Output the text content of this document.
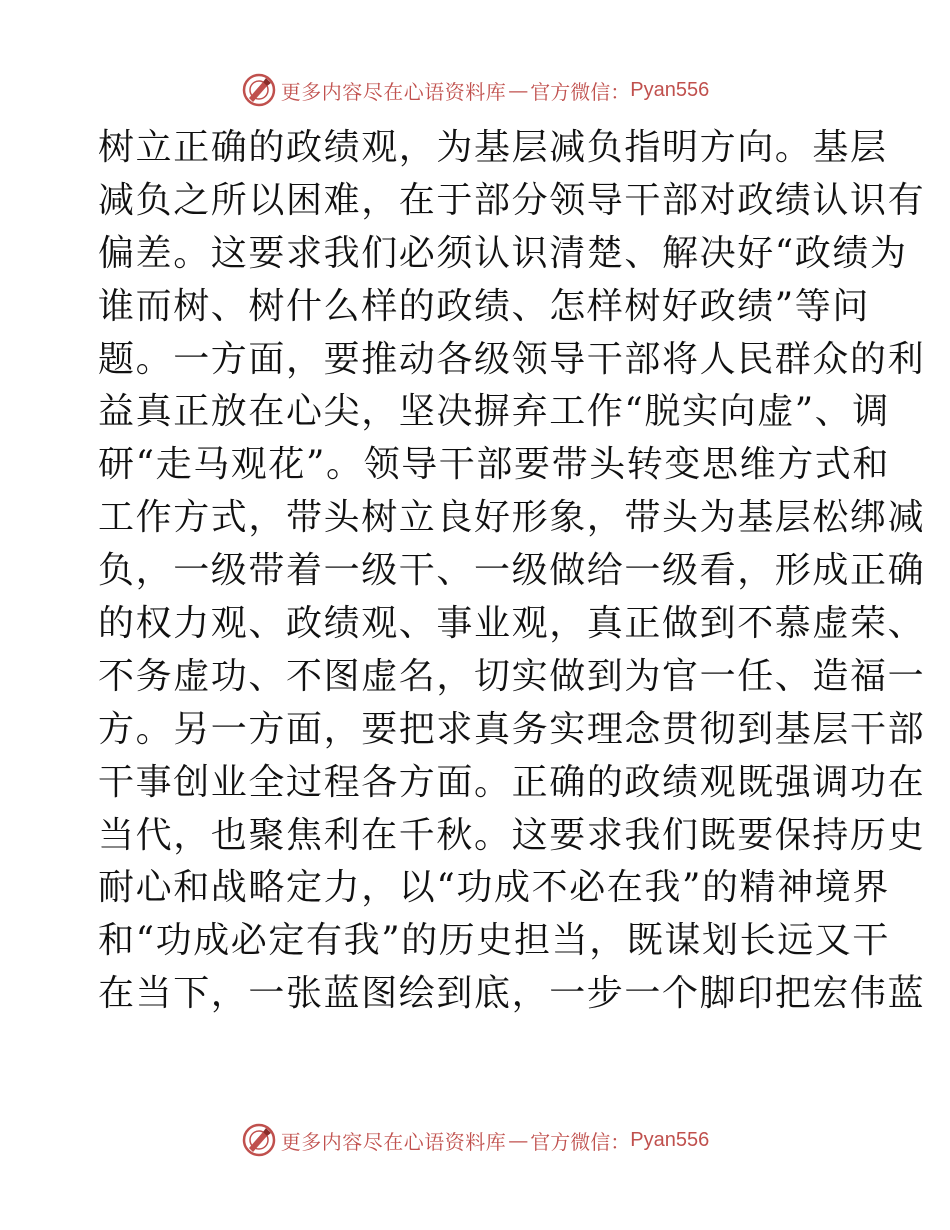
更多内容尽在心语资料库 — 官方微信： Pyan556
树立正确的政绩观，为基层减负指明方向。基层
减负之所以困难，在于部分领导干部对政绩认识有
偏差。这要求我们必须认识清楚、解决好“政绩为
谁而树、树什么样的政绩、怎样树好政绩”等问
题。一方面，要推动各级领导干部将人民群众的利
益真正放在心尖，坚决摒弃工作“脱实向虚”、调
研“走马观花”。领导干部要带头转变思维方式和
工作方式，带头树立良好形象，带头为基层松绑减
负，一级带着一级干、一级做给一级看，形成正确
的权力观、政绩观、事业观，真正做到不慕虚荣、
不务虚功、不图虚名，切实做到为官一任、造福一
方。另一方面，要把求真务实理念贯彻到基层干部
干事创业全过程各方面。正确的政绩观既强调功在
当代，也聚焦利在千秋。这要求我们既要保持历史
耐心和战略定力，以“功成不必在我”的精神境界
和“功成必定有我”的历史担当，既谋划长远又干
在当下，一张蓝图绘到底，一步一个脚印把宏伟蓝
更多内容尽在心语资料库 — 官方微信： Pyan556
